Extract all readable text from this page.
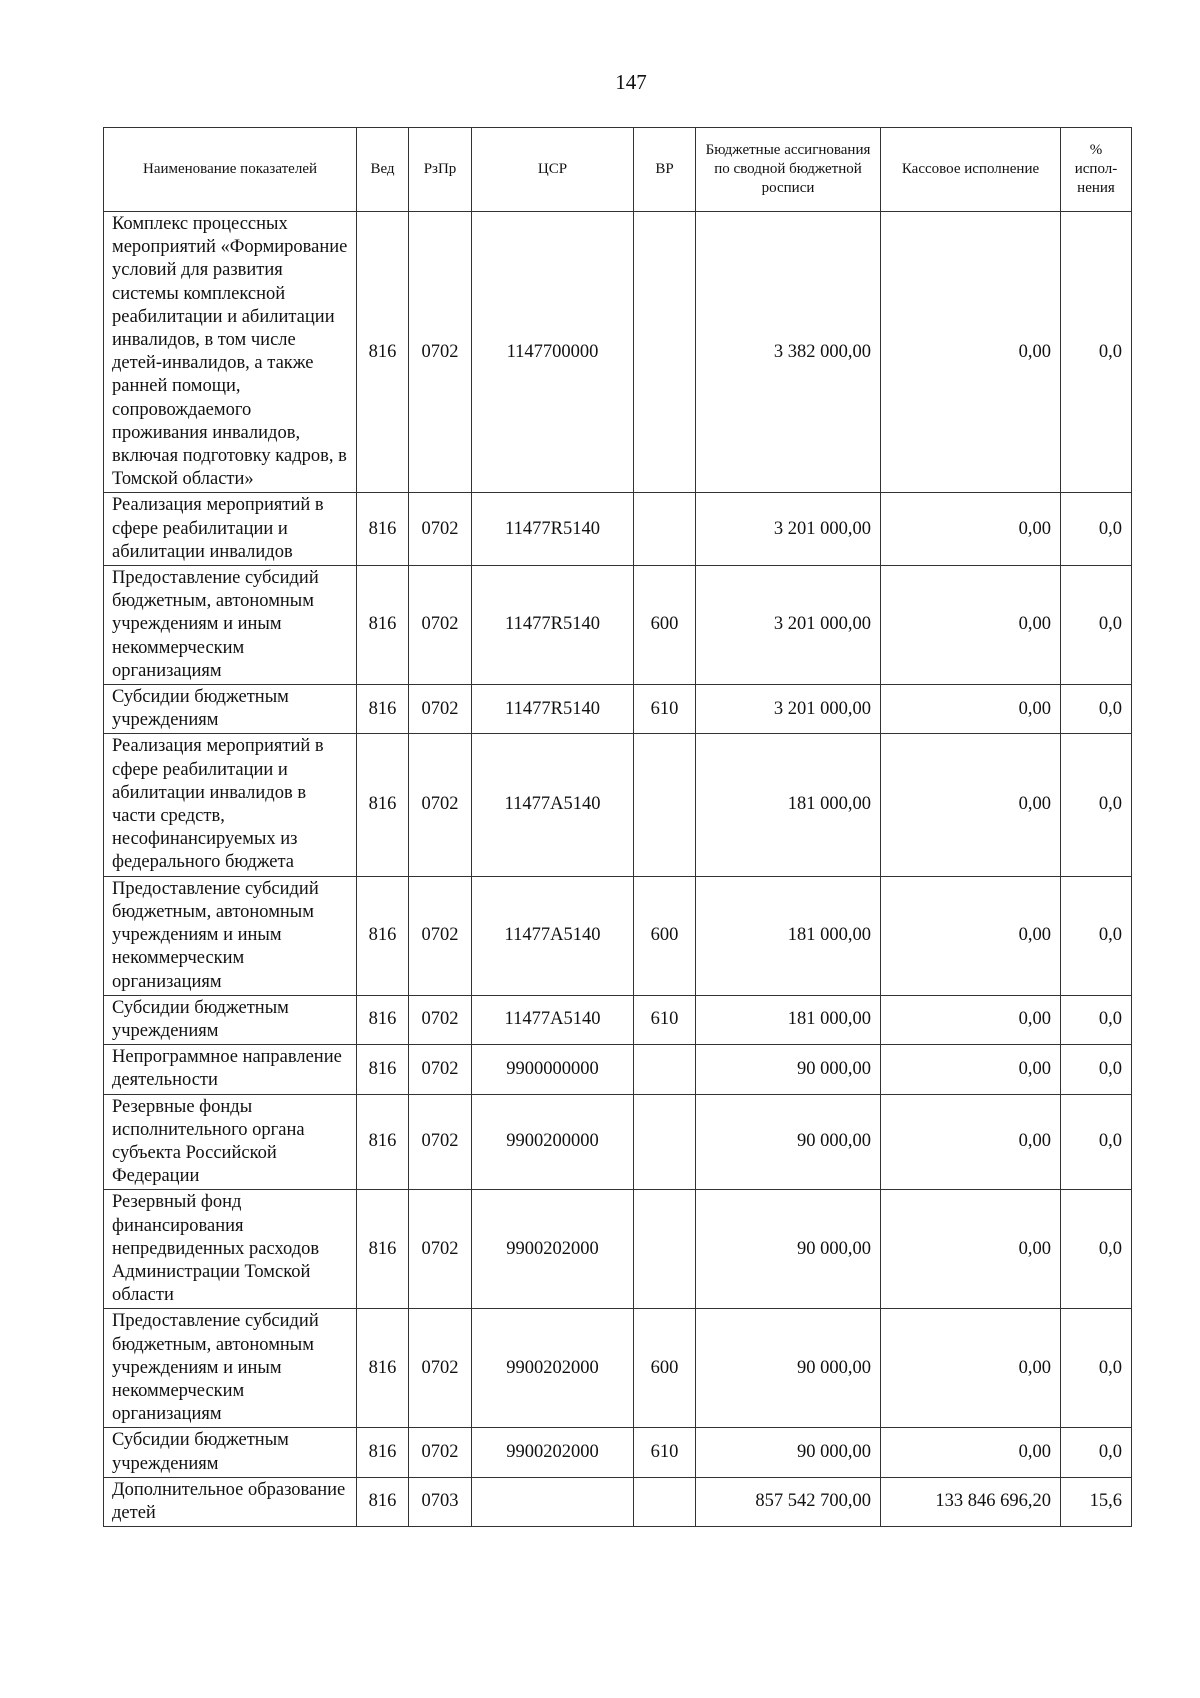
147
Наименование показателей	Вед	РзПр	ЦСР	ВР	Бюджетные ассигнования по сводной бюджетной росписи	Кассовое исполнение	% испол-нения
Комплекс процессных мероприятий «Формирование условий для развития системы комплексной реабилитации и абилитации инвалидов, в том числе детей-инвалидов, а также ранней помощи, сопровождаемого проживания инвалидов, включая подготовку кадров, в Томской области»	816	0702	1147700000		3 382 000,00	0,00	0,0
Реализация мероприятий в сфере реабилитации и абилитации инвалидов	816	0702	11477R5140		3 201 000,00	0,00	0,0
Предоставление субсидий бюджетным, автономным учреждениям и иным некоммерческим организациям	816	0702	11477R5140	600	3 201 000,00	0,00	0,0
Субсидии бюджетным учреждениям	816	0702	11477R5140	610	3 201 000,00	0,00	0,0
Реализация мероприятий в сфере реабилитации и абилитации инвалидов в части средств, несофинансируемых из федерального бюджета	816	0702	11477A5140		181 000,00	0,00	0,0
Предоставление субсидий бюджетным, автономным учреждениям и иным некоммерческим организациям	816	0702	11477A5140	600	181 000,00	0,00	0,0
Субсидии бюджетным учреждениям	816	0702	11477A5140	610	181 000,00	0,00	0,0
Непрограммное направление деятельности	816	0702	9900000000		90 000,00	0,00	0,0
Резервные фонды исполнительного органа субъекта Российской Федерации	816	0702	9900200000		90 000,00	0,00	0,0
Резервный фонд финансирования непредвиденных расходов Администрации Томской области	816	0702	9900202000		90 000,00	0,00	0,0
Предоставление субсидий бюджетным, автономным учреждениям и иным некоммерческим организациям	816	0702	9900202000	600	90 000,00	0,00	0,0
Субсидии бюджетным учреждениям	816	0702	9900202000	610	90 000,00	0,00	0,0
Дополнительное образование детей	816	0703			857 542 700,00	133 846 696,20	15,6
